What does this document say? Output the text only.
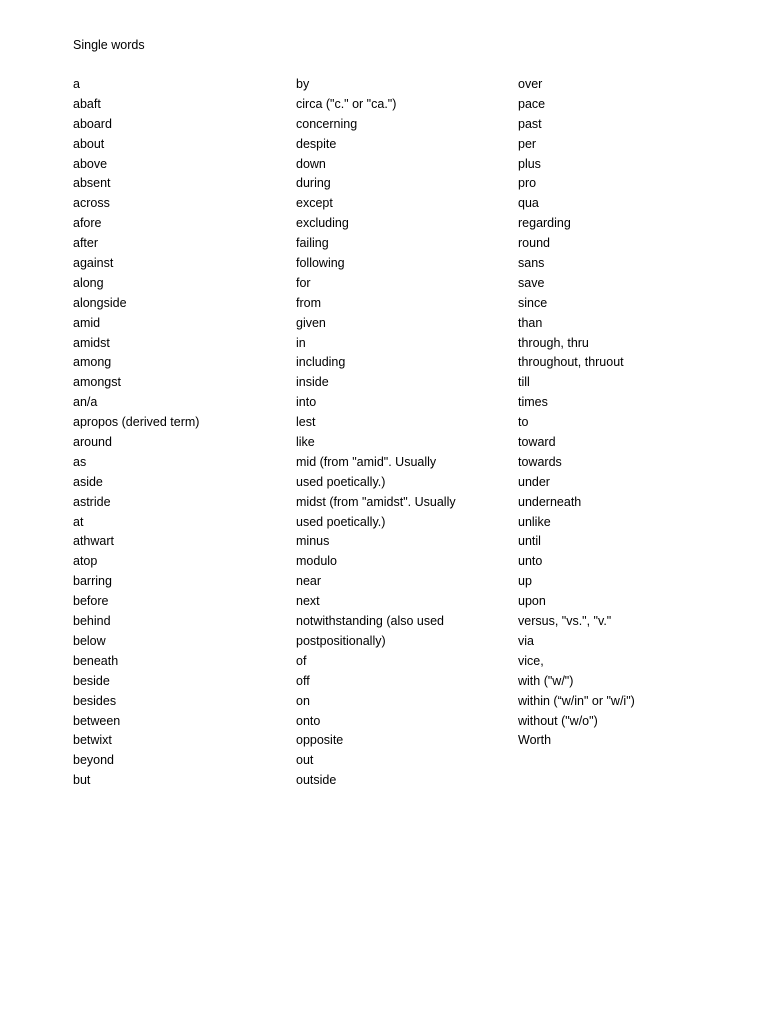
Single words
a
abaft
aboard
about
above
absent
across
afore
after
against
along
alongside
amid
amidst
among
amongst
an/a
apropos (derived term)
around
as
aside
astride
at
athwart
atop
barring
before
behind
below
beneath
beside
besides
between
betwixt
beyond
but
by
circa ("c." or "ca.")
concerning
despite
down
during
except
excluding
failing
following
for
from
given
in
including
inside
into
lest
like
mid (from "amid". Usually
used poetically.)
midst (from "amidst". Usually
used poetically.)
minus
modulo
near
next
notwithstanding (also used
postpositionally)
of
off
on
onto
opposite
out
outside
over
pace
past
per
plus
pro
qua
regarding
round
sans
save
since
than
through, thru
throughout, thruout
till
times
to
toward
towards
under
underneath
unlike
until
unto
up
upon
versus, "vs.", "v."
via
vice,
with ("w/")
within (“w/in" or "w/i")
without ("w/o")
Worth
